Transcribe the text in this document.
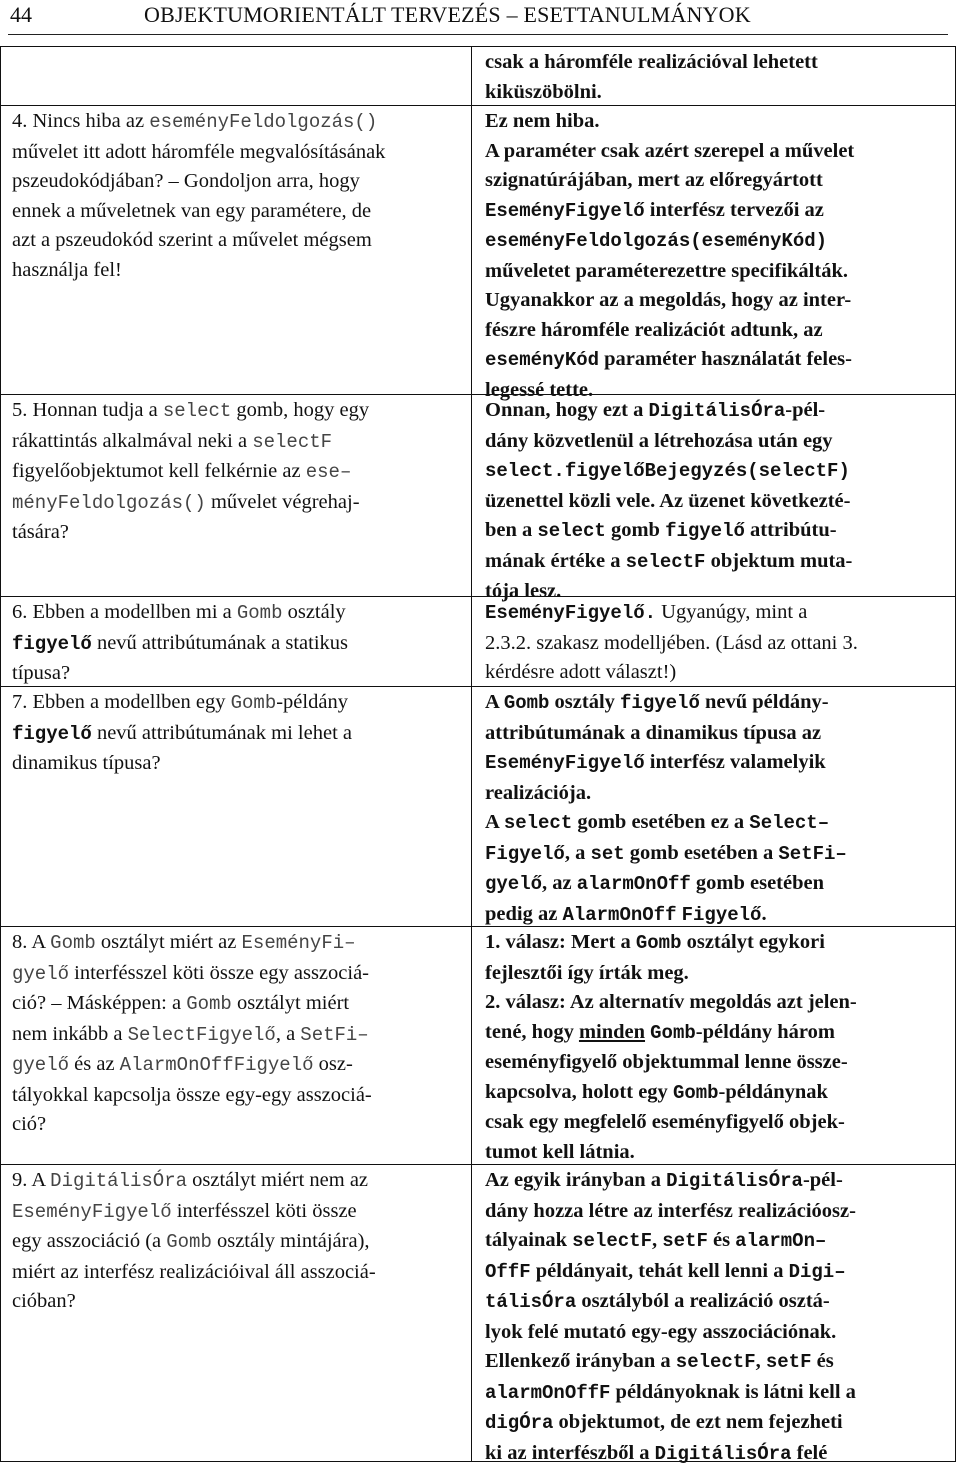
44	OBJEKTUMORIENTÁLT TERVEZÉS – ESETTANULMÁNYOK
csak a háromféle realizációval lehetett
kiküszöbölni.
4. Nincs hiba az eseményFeldolgozás()
művelet itt adott háromféle megvalósításának
pszeudokódjában? – Gondoljon arra, hogy
ennek a műveletnek van egy paramétere, de
azt a pszeudokód szerint a művelet mégsem
használja fel!
Ez nem hiba.
A paraméter csak azért szerepel a művelet
szignatúrájában, mert az előregyártott
EseményFigyelő interfész tervezői az
eseményFeldolgozás(eseményKód)
műveletet paraméterezettre specifikálták.
Ugyanakkor az a megoldás, hogy az inter-
fészre háromféle realizációt adtunk, az
eseményKód paraméter használatát feles-
legessé tette.
5. Honnan tudja a select gomb, hogy egy
rákattintás alkalmával neki a selectF
figyelőobjektumot kell felkérnie az ese–
ményFeldolgozás() művelet végrehaj-
tására?
Onnan, hogy ezt a DigitálisÓra-pél-
dány közvetlenül a létrehozása után egy
select.figyelőBejegyzés(selectF)
üzenettel közli vele. Az üzenet következté-
ben a select gomb figyelő attribútu-
mának értéke a selectF objektum muta-
tója lesz.
6. Ebben a modellben mi a Gomb osztály
figyelő nevű attribútumának a statikus
típusa?
EseményFigyelő. Ugyanúgy, mint a
2.3.2. szakasz modelljében. (Lásd az ottani 3.
kérdésre adott választ!)
7. Ebben a modellben egy Gomb-példány
figyelő nevű attribútumának mi lehet a
dinamikus típusa?
A Gomb osztály figyelő nevű példány-
attribútumának a dinamikus típusa az
EseményFigyelő interfész valamelyik
realizációja.
A select gomb esetében ez a Select–
Figyelő, a set gomb esetében a SetFi–
gyelő, az alarmOnOff gomb esetében
pedig az AlarmOnOff Figyelő.
8. A Gomb osztályt miért az EseményFi–
gyelő interfésszel köti össze egy asszociá-
ció? – Másképpen: a Gomb osztályt miért
nem inkább a SelectFigyelő, a SetFi–
gyelő és az AlarmOnOffFigyelő osz-
tályokkal kapcsolja össze egy-egy asszociá-
ció?
1. válasz: Mert a Gomb osztályt egykori
fejlesztői így írták meg.
2. válasz: Az alternatív megoldás azt jelen-
tené, hogy minden Gomb-példány három
eseményfigyelő objektummal lenne össze-
kapcsolva, holott egy Gomb-példánynak
csak egy megfelelő eseményfigyelő objek-
tumot kell látnia.
9. A DigitálisÓra osztályt miért nem az
EseményFigyelő interfésszel köti össze
egy asszociáció (a Gomb osztály mintájára),
miért az interfész realizációival áll asszociá-
cióban?
Az egyik irányban a DigitálisÓra-pél-
dány hozza létre az interfész realizációosz-
tályainak selectF, setF és alarmOn–
OffF példányait, tehát kell lenni a Digi–
tálisÓra osztályból a realizáció osztá-
lyok felé mutató egy-egy asszociációnak.
Ellenkező irányban a selectF, setF és
alarmOnOffF példányoknak is látni kell a
digÓra objektumot, de ezt nem fejezheti
ki az interfészből a DigitálisÓra felé
